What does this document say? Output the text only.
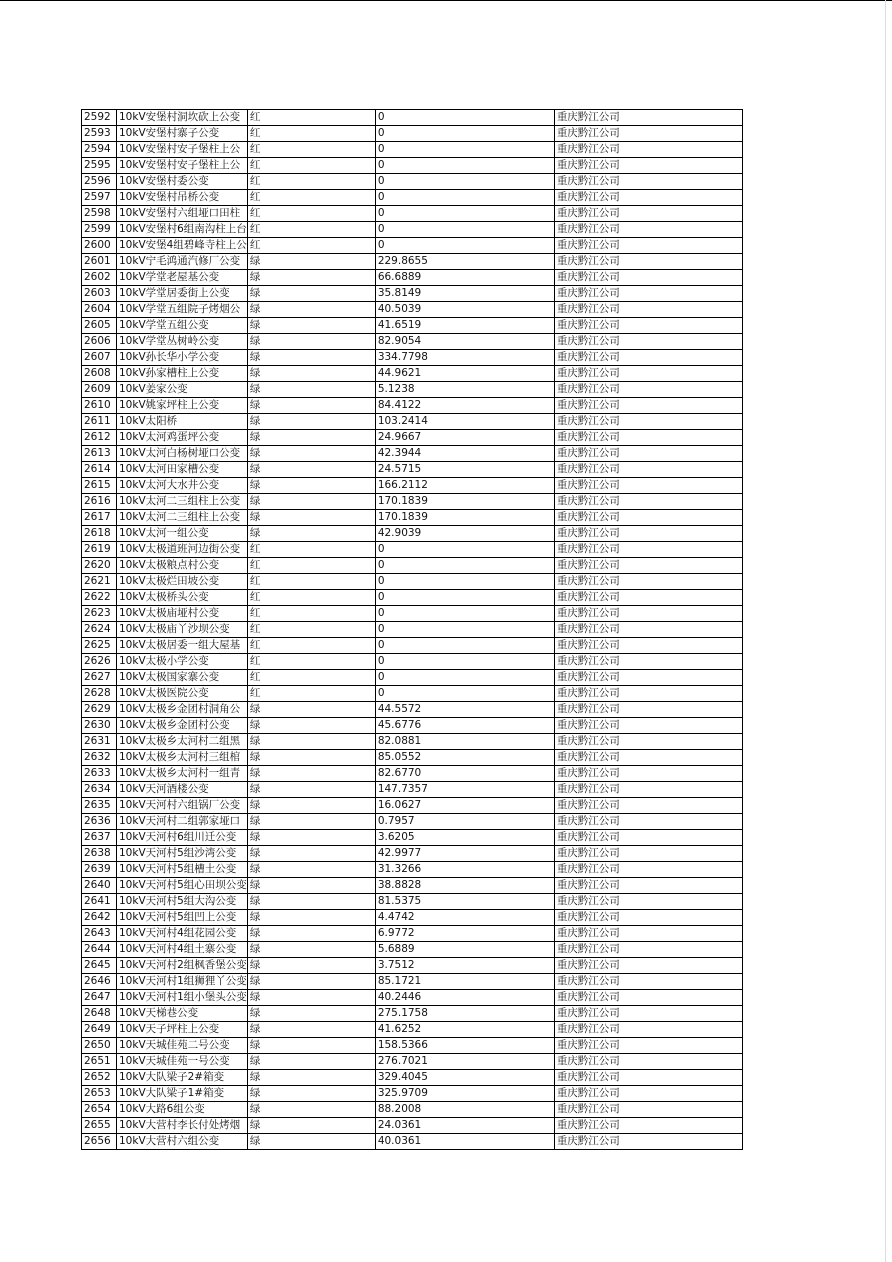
2592	10kV安堡村洞坎砍上公变	红	0	重庆黔江公司
2593	10kV安堡村寨子公变	红	0	重庆黔江公司
2594	10kV安堡村安子堡柱上公	红	0	重庆黔江公司
2595	10kV安堡村安子堡柱上公	红	0	重庆黔江公司
2596	10kV安堡村委公变	红	0	重庆黔江公司
2597	10kV安堡村吊桥公变	红	0	重庆黔江公司
2598	10kV安堡村六组垭口田柱	红	0	重庆黔江公司
2599	10kV安堡村6组南沟柱上台	红	0	重庆黔江公司
2600	10kV安堡4组碧峰寺柱上公	红	0	重庆黔江公司
2601	10kV宁毛鸿通汽修厂公变	绿	229.8655	重庆黔江公司
2602	10kV学堂老屋基公变	绿	66.6889	重庆黔江公司
2603	10kV学堂居委街上公变	绿	35.8149	重庆黔江公司
2604	10kV学堂五组院子烤烟公	绿	40.5039	重庆黔江公司
2605	10kV学堂五组公变	绿	41.6519	重庆黔江公司
2606	10kV学堂丛树岭公变	绿	82.9054	重庆黔江公司
2607	10kV孙长华小学公变	绿	334.7798	重庆黔江公司
2608	10kV孙家槽柱上公变	绿	44.9621	重庆黔江公司
2609	10kV姜家公变	绿	5.1238	重庆黔江公司
2610	10kV姚家坪柱上公变	绿	84.4122	重庆黔江公司
2611	10kV太阳桥	绿	103.2414	重庆黔江公司
2612	10kV太河鸡蛋坪公变	绿	24.9667	重庆黔江公司
2613	10kV太河白杨树垭口公变	绿	42.3944	重庆黔江公司
2614	10kV太河田家槽公变	绿	24.5715	重庆黔江公司
2615	10kV太河大水井公变	绿	166.2112	重庆黔江公司
2616	10kV太河二三组柱上公变	绿	170.1839	重庆黔江公司
2617	10kV太河二三组柱上公变	绿	170.1839	重庆黔江公司
2618	10kV太河一组公变	绿	42.9039	重庆黔江公司
2619	10kV太极道班河边街公变	红	0	重庆黔江公司
2620	10kV太极粮点村公变	红	0	重庆黔江公司
2621	10kV太极烂田坡公变	红	0	重庆黔江公司
2622	10kV太极桥头公变	红	0	重庆黔江公司
2623	10kV太极庙垭村公变	红	0	重庆黔江公司
2624	10kV太极庙丫沙坝公变	红	0	重庆黔江公司
2625	10kV太极居委一组大屋基	红	0	重庆黔江公司
2626	10kV太极小学公变	红	0	重庆黔江公司
2627	10kV太极国家寨公变	红	0	重庆黔江公司
2628	10kV太极医院公变	红	0	重庆黔江公司
2629	10kV太极乡金团村洞角公	绿	44.5572	重庆黔江公司
2630	10kV太极乡金团村公变	绿	45.6776	重庆黔江公司
2631	10kV太极乡太河村二组黑	绿	82.0881	重庆黔江公司
2632	10kV太极乡太河村三组棺	绿	85.0552	重庆黔江公司
2633	10kV太极乡太河村一组青	绿	82.6770	重庆黔江公司
2634	10kV天河酒楼公变	绿	147.7357	重庆黔江公司
2635	10kV天河村六组锅厂公变	绿	16.0627	重庆黔江公司
2636	10kV天河村二组郭家垭口	绿	0.7957	重庆黔江公司
2637	10kV天河村6组川迁公变	绿	3.6205	重庆黔江公司
2638	10kV天河村5组沙湾公变	绿	42.9977	重庆黔江公司
2639	10kV天河村5组槽土公变	绿	31.3266	重庆黔江公司
2640	10kV天河村5组心田坝公变	绿	38.8828	重庆黔江公司
2641	10kV天河村5组大沟公变	绿	81.5375	重庆黔江公司
2642	10kV天河村5组凹上公变	绿	4.4742	重庆黔江公司
2643	10kV天河村4组花园公变	绿	6.9772	重庆黔江公司
2644	10kV天河村4组土寨公变	绿	5.6889	重庆黔江公司
2645	10kV天河村2组枫香堡公变	绿	3.7512	重庆黔江公司
2646	10kV天河村1组狮狸丫公变	绿	85.1721	重庆黔江公司
2647	10kV天河村1组小堡头公变	绿	40.2446	重庆黔江公司
2648	10kV天梯巷公变	绿	275.1758	重庆黔江公司
2649	10kV天子坪柱上公变	绿	41.6252	重庆黔江公司
2650	10kV天城佳苑二号公变	绿	158.5366	重庆黔江公司
2651	10kV天城佳苑一号公变	绿	276.7021	重庆黔江公司
2652	10kV大队梁子2#箱变	绿	329.4045	重庆黔江公司
2653	10kV大队梁子1#箱变	绿	325.9709	重庆黔江公司
2654	10kV大路6组公变	绿	88.2008	重庆黔江公司
2655	10kV大营村李长付处烤烟	绿	24.0361	重庆黔江公司
2656	10kV大营村六组公变	绿	40.0361	重庆黔江公司
